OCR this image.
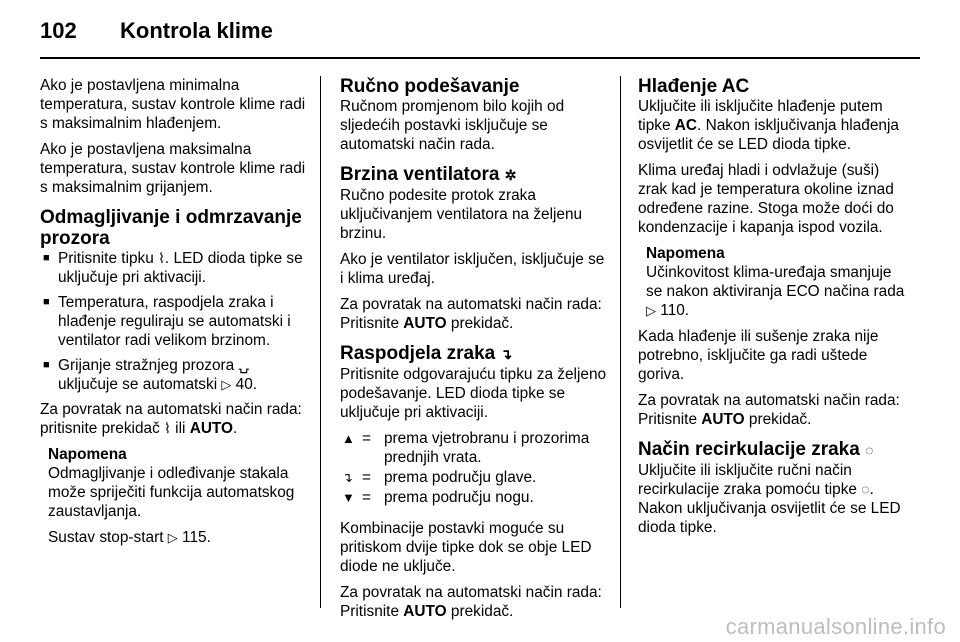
102 Kontrola klime

Ako je postavljena minimalna temperatura, sustav kontrole klime radi s maksimalnim hlađenjem.

Ako je postavljena maksimalna temperatura, sustav kontrole klime radi s maksimalnim grijanjem.

Odmagljivanje i odmrzavanje prozora
■ Pritisnite tipku ⌇. LED dioda tipke se uključuje pri aktivaciji.
■ Temperatura, raspodjela zraka i hlađenje reguliraju se automatski i ventilator radi velikom brzinom.
■ Grijanje stražnjeg prozora ⍽ uključuje se automatski ▷ 40.

Za povratak na automatski način rada: pritisnite prekidač ⌇ ili AUTO.

Napomena

Odmagljivanje i odleđivanje stakala može spriječiti funkcija automatskog zaustavljanja.

Sustav stop-start ▷ 115.

Ručno podešavanje

Ručnom promjenom bilo kojih od sljedećih postavki isključuje se automatski način rada.

Brzina ventilatora ✲

Ručno podesite protok zraka uključivanjem ventilatora na željenu brzinu.

Ako je ventilator isključen, isključuje se i klima uređaj.

Za povratak na automatski način rada: Pritisnite AUTO prekidač.

Raspodjela zraka ↴

Pritisnite odgovarajuću tipku za željeno podešavanje. LED dioda tipke se uključuje pri aktivaciji.

▲ = prema vjetrobranu i prozorima prednjih vrata.
↴ = prema području glave.
▼ = prema području nogu.

Kombinacije postavki moguće su pritiskom dvije tipke dok se obje LED diode ne uključe.

Za povratak na automatski način rada: Pritisnite AUTO prekidač.

Hlađenje AC

Uključite ili isključite hlađenje putem tipke AC. Nakon isključivanja hlađenja osvijetlit će se LED dioda tipke.

Klima uređaj hladi i odvlažuje (suši) zrak kad je temperatura okoline iznad određene razine. Stoga može doći do kondenzacije i kapanja ispod vozila.

Napomena

Učinkovitost klima-uređaja smanjuje se nakon aktiviranja ECO načina rada ▷ 110.

Kada hlađenje ili sušenje zraka nije potrebno, isključite ga radi uštede goriva.

Za povratak na automatski način rada: Pritisnite AUTO prekidač.

Način recirkulacije zraka ◌

Uključite ili isključite ručni način recirkulacije zraka pomoću tipke ◌. Nakon uključivanja osvijetlit će se LED dioda tipke.

carmanualsonline.info
